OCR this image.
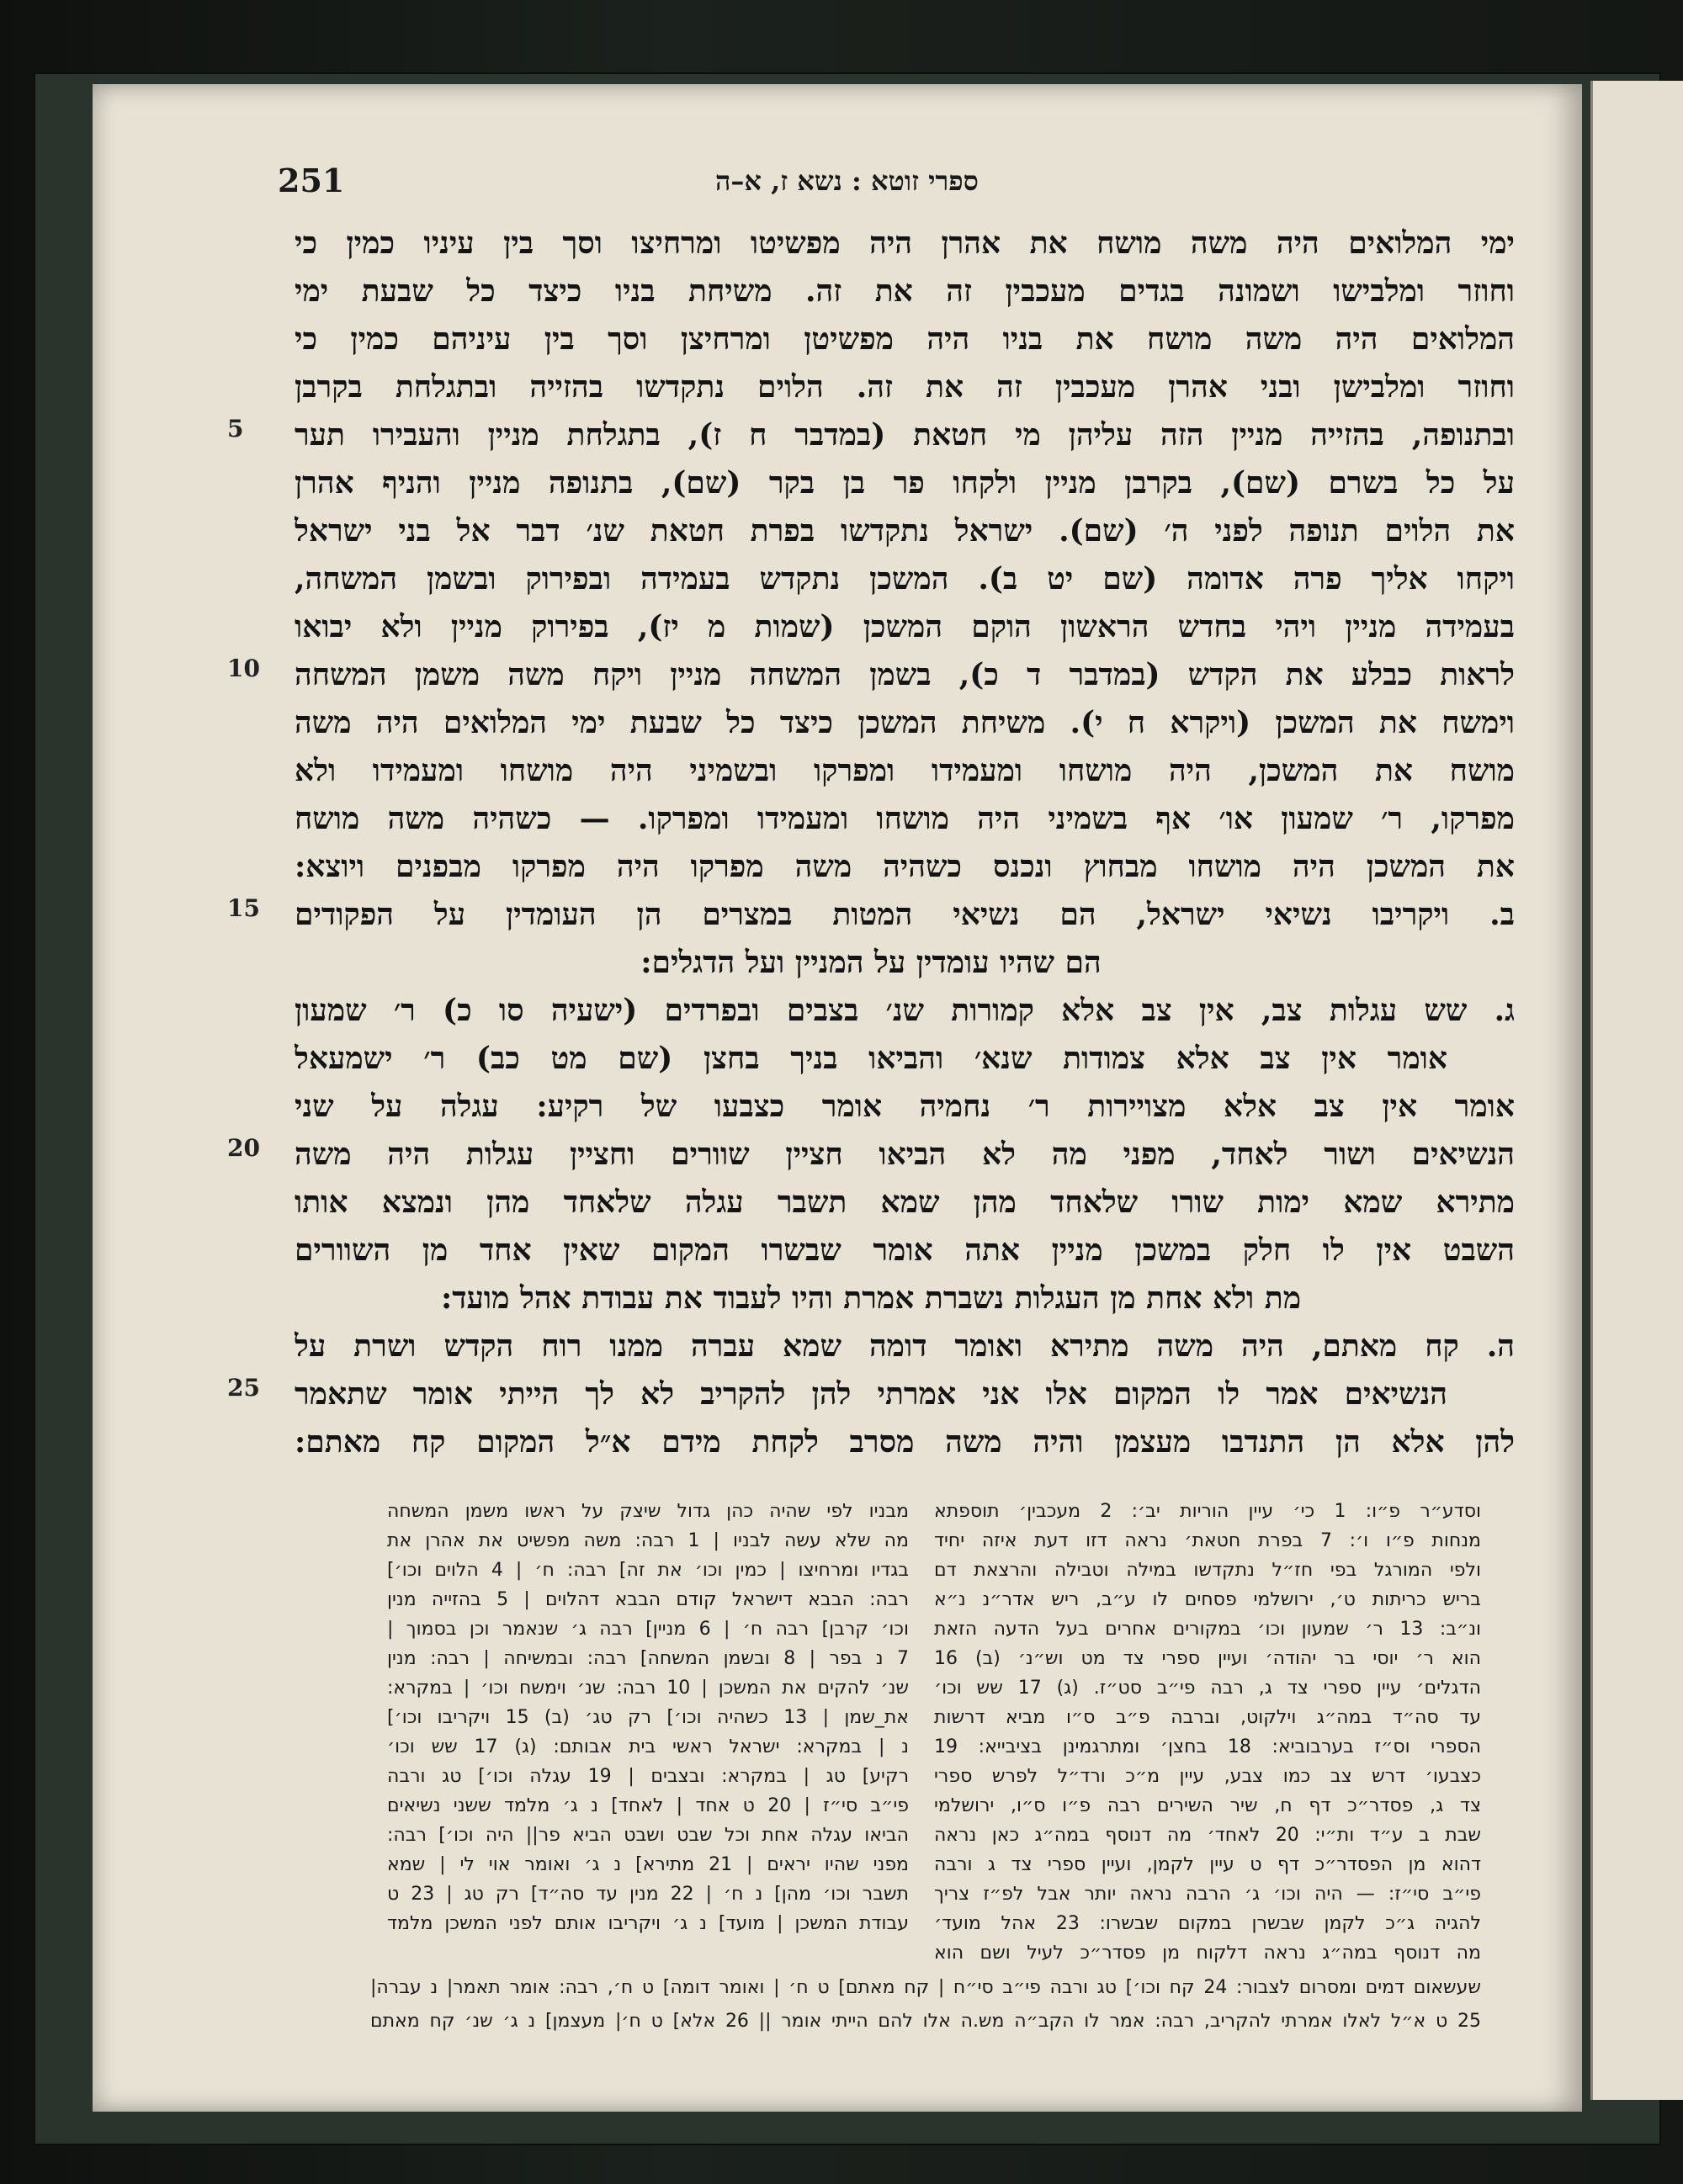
251	ספרי זוטא : נשא ז, א–ה
ימי המלואים היה משה מושח את אהרן היה מפשיטו ומרחיצו וסך בין עיניו כמין כי
וחוזר ומלבישו ושמונה בגדים מעכבין זה את זה. משיחת בניו כיצד כל שבעת ימי
המלואים היה משה מושח את בניו היה מפשיטן ומרחיצן וסך בין עיניהם כמין כי
וחוזר ומלבישן ובני אהרן מעכבין זה את זה. הלוים נתקדשו בהזייה ובתגלחת בקרבן
ובתנופה, בהזייה מניין הזה עליהן מי חטאת (במדבר ח ז), בתגלחת מניין והעבירו תער
על כל בשרם (שם), בקרבן מניין ולקחו פר בן בקר (שם), בתנופה מניין והניף אהרן
את הלוים תנופה לפני ה׳ (שם). ישראל נתקדשו בפרת חטאת שנ׳ דבר אל בני ישראל
ויקחו אליך פרה אדומה (שם יט ב). המשכן נתקדש בעמידה ובפירוק ובשמן המשחה,
בעמידה מניין ויהי בחדש הראשון הוקם המשכן (שמות מ יז), בפירוק מניין ולא יבואו
לראות כבלע את הקדש (במדבר ד כ), בשמן המשחה מניין ויקח משה משמן המשחה
וימשח את המשכן (ויקרא ח י). משיחת המשכן כיצד כל שבעת ימי המלואים היה משה
מושח את המשכן, היה מושחו ומעמידו ומפרקו ובשמיני היה מושחו ומעמידו ולא
מפרקו, ר׳ שמעון או׳ אף בשמיני היה מושחו ומעמידו ומפרקו. — כשהיה משה מושח
את המשכן היה מושחו מבחוץ ונכנס כשהיה משה מפרקו היה מפרקו מבפנים ויוצא:
ב. ויקריבו נשיאי ישראל, הם נשיאי המטות במצרים הן העומדין על הפקודים
הם שהיו עומדין על המניין ועל הדגלים:
ג. שש עגלות צב, אין צב אלא קמורות שנ׳ בצבים ובפרדים (ישעיה סו כ) ר׳ שמעון
אומר אין צב אלא צמודות שנא׳ והביאו בניך בחצן (שם מט כב) ר׳ ישמעאל
אומר אין צב אלא מצויירות ר׳ נחמיה אומר כצבעו של רקיע: עגלה על שני
הנשיאים ושור לאחד, מפני מה לא הביאו חציין שוורים וחציין עגלות היה משה
מתירא שמא ימות שורו שלאחד מהן שמא תשבר עגלה שלאחד מהן ונמצא אותו
השבט אין לו חלק במשכן מניין אתה אומר שבשרו המקום שאין אחד מן השוורים
מת ולא אחת מן העגלות נשברת אמרת והיו לעבוד את עבודת אהל מועד:
ה. קח מאתם, היה משה מתירא ואומר דומה שמא עברה ממנו רוח הקדש ושרת על
הנשיאים אמר לו המקום אלו אני אמרתי להן להקריב לא לך הייתי אומר שתאמר
להן אלא הן התנדבו מעצמן והיה משה מסרב לקחת מידם א״ל המקום קח מאתם:
5
10
15
20
25
וסדע״ר פ״ו: 1 כי׳ עיין הוריות יב׳: 2 מעכבין׳ תוספתא
מנחות פ״ו ו׳: 7 בפרת חטאת׳ נראה דזו דעת איזה יחיד
ולפי המורגל בפי חז״ל נתקדשו במילה וטבילה והרצאת דם
בריש כריתות ט׳, ירושלמי פסחים לו ע״ב, ריש אדר״נ נ״א
ונ״ב: 13 ר׳ שמעון וכו׳ במקורים אחרים בעל הדעה הזאת
הוא ר׳ יוסי בר יהודה׳ ועיין ספרי צד מט וש״נ׳ (ב) 16
הדגלים׳ עיין ספרי צד ג, רבה פי״ב סט״ז. (ג) 17 שש וכו׳
עד סה״ד במה״ג וילקוט, וברבה פ״ב ס״ו מביא דרשות
הספרי וס״ז בערבוביא: 18 בחצן׳ ומתרגמינן בציבייא: 19
כצבעו׳ דרש צב כמו צבע, עיין מ״כ ורד״ל לפרש ספרי
צד ג, פסדר״כ דף ח, שיר השירים רבה פ״ו ס״ו, ירושלמי
שבת ב ע״ד ות״י: 20 לאחד׳ מה דנוסף במה״ג כאן נראה
דהוא מן הפסדר״כ דף ט עיין לקמן, ועיין ספרי צד ג ורבה
פי״ב סי״ז: — היה וכו׳ ג׳ הרבה נראה יותר אבל לפ״ז צריך
להגיה ג״כ לקמן שבשרן במקום שבשרו: 23 אהל מועד׳
מה דנוסף במה״ג נראה דלקוח מן פסדר״כ לעיל ושם הוא
מבניו לפי שהיה כהן גדול שיצק על ראשו משמן המשחה
מה שלא עשה לבניו | 1 רבה: משה מפשיט את אהרן את
בגדיו ומרחיצו | כמין וכו׳ את זה] רבה: ח׳ | 4 הלוים וכו׳]
רבה: הבבא דישראל קודם הבבא דהלוים | 5 בהזייה מנין
וכו׳ קרבן] רבה ח׳ | 6 מניין] רבה ג׳ שנאמר וכן בסמוך |
7 נ בפר | 8 ובשמן המשחה] רבה: ובמשיחה | רבה: מנין
שנ׳ להקים את המשכן | 10 רבה: שנ׳ וימשח וכו׳ | במקרא:
את_שמן | 13 כשהיה וכו׳] רק טג׳ (ב) 15 ויקריבו וכו׳]
נ | במקרא: ישראל ראשי בית אבותם: (ג) 17 שש וכו׳
רקיע] טג | במקרא: ובצבים | 19 עגלה וכו׳] טג ורבה
פי״ב סי״ז | 20 ט אחד | לאחד] נ ג׳ מלמד ששני נשיאים
הביאו עגלה אחת וכל שבט ושבט הביא פר|| היה וכו׳] רבה:
מפני שהיו יראים | 21 מתירא] נ ג׳ ואומר אוי לי | שמא
תשבר וכו׳ מהן] נ ח׳ | 22 מנין עד סה״ד] רק טג | 23 ט
עבודת המשכן | מועד] נ ג׳ ויקריבו אותם לפני המשכן מלמד
שעשאום דמים ומסרום לצבור: 24 קח וכו׳] טג ורבה פי״ב סי״ח | קח מאתם] ט ח׳ | ואומר דומה] ט ח׳, רבה: אומר תאמר| נ עברה|
25 ט א״ל לאלו אמרתי להקריב, רבה: אמר לו הקב״ה מש.ה אלו להם הייתי אומר || 26 אלא] ט ח׳| מעצמן] נ ג׳ שנ׳ קח מאתם
